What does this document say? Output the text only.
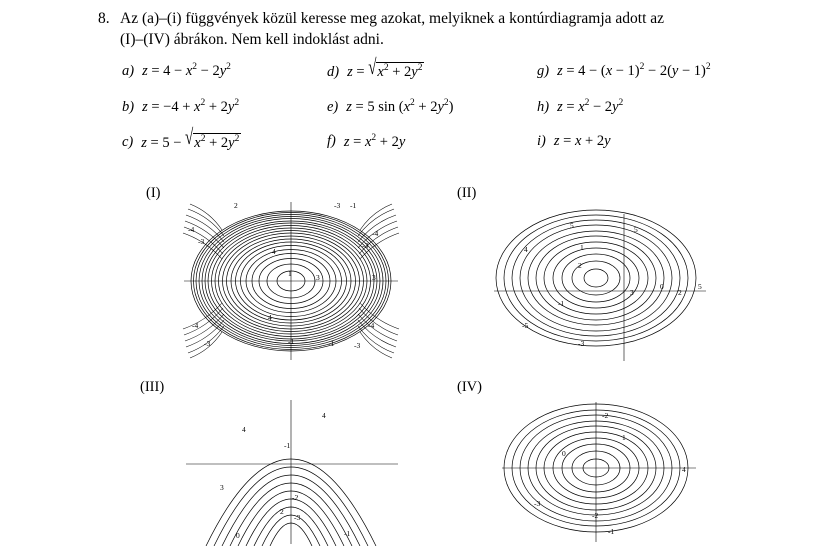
8. Az (a)–(i) függvények közül keresse meg azokat, melyiknek a kontúrdiagramja adott az
(I)–(IV) ábrákon. Nem kell indoklást adni.
a) $z = 4 - x^2 - 2y^2$	d) $z = √x^2 + 2y^2$	g) $z = 4 - (x - 1)^2 - 2(y - 1)^2$
b) $z = -4 + x^2 + 2y^2$	e) z = 5 $\sin (x^2 + 2y^2)$	h) $z = x^2 - 2y^2$
c) $z = 5 - √x^2 + 2y^2$	f) $z = x^2 + 2y$	i) z = x + 2y
(I)	(II)
(III)	(IV)
2	-3 -1
-4
-3
-4
-3
4
1	3	3
4
-4
-3
-4
-3
-1
-1
5	5
1
4
2
3
0
2
5
-1
-5
-3
4
4
-1
3
-2
2
-3
0	-1
-2
1
0
4
-3
-2
-1
